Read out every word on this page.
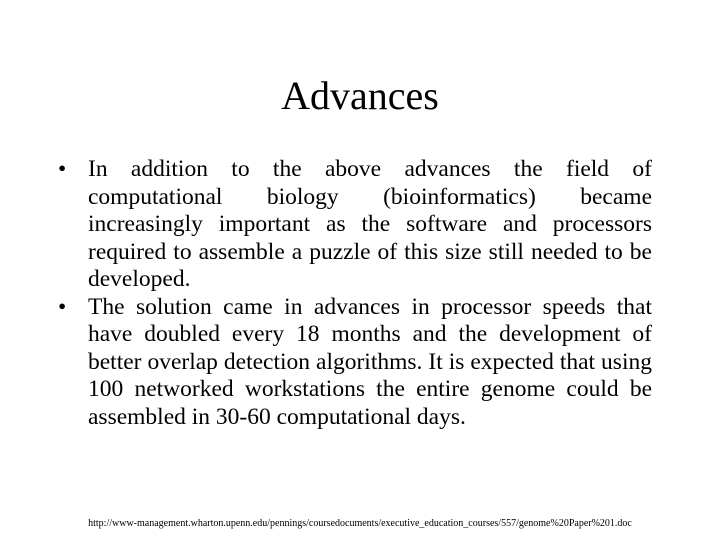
Advances
• In addition to the above advances the field of computational biology (bioinformatics) became increasingly important as the software and processors required to assemble a puzzle of this size still needed to be developed.
• The solution came in advances in processor speeds that have doubled every 18 months and the development of better overlap detection algorithms. It is expected that using 100 networked workstations the entire genome could be assembled in 30-60 computational days.
http://www-management.wharton.upenn.edu/pennings/coursedocuments/executive_education_courses/557/genome%20Paper%201.doc
